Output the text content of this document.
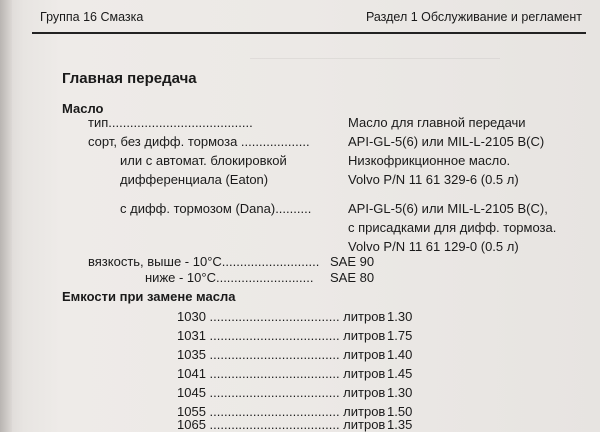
Группа 16 Смазка	Раздел 1 Обслуживание и регламент
Главная передача
Масло
тип........................................	Масло для главной передачи
сорт, без дифф. тормоза ...................	API-GL-5(6) или MIL-L-2105 B(C)
или с автомат. блокировкой	Низкофрикционное масло.
дифференциала (Eaton)	Volvo P/N 11 61 329-6 (0.5 л)
с дифф. тормозом (Dana)..........	API-GL-5(6) или MIL-L-2105 B(C),
с присадками для дифф. тормоза.
Volvo P/N 11 61 129-0 (0.5 л)
вязкость, выше - 10°C........................... SAE 90
ниже - 10°C........................... SAE 80
Емкости при замене масла
1030 .................................... литров 1.30
1031 .................................... литров 1.75
1035 .................................... литров 1.40
1041 .................................... литров 1.45
1045 .................................... литров 1.30
1055 .................................... литров 1.50
1065 .................................... литров 1.35
